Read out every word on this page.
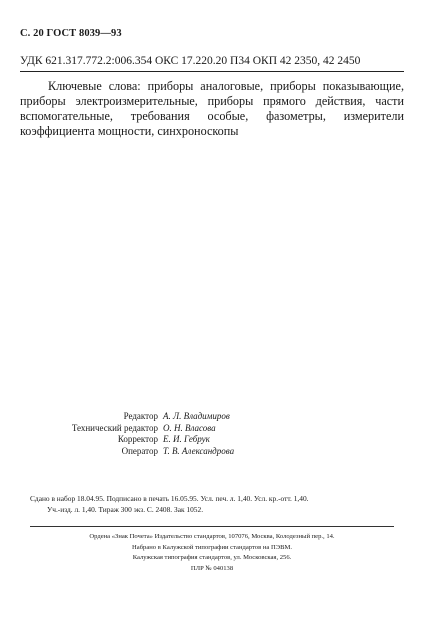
С. 20 ГОСТ 8039—93
УДК 621.317.772.2:006.354 ОКС 17.220.20 П34 ОКП 42 2350, 42 2450

Ключевые слова: приборы аналоговые, приборы показывающие, приборы электроизмерительные, приборы прямого действия, части вспомогательные, требования особые, фазометры, измерители коэффициента мощности, синхроноскопы

Редактор А. Л. Владимиров
Технический редактор О. Н. Власова
Корректор Е. И. Гебрук
Оператор Т. В. Александрова
Сдано в набор 18.04.95. Подписано в печать 16.05.95. Усл. печ. л. 1,40. Усл. кр.-отт. 1,40.
Уч.-изд. л. 1,40. Тираж 300 экз. С. 2408. Зак 1052.
Ордена «Знак Почета» Издательство стандартов, 107076, Москва, Колодезный пер., 14.
Набрано в Калужской типографии стандартов на ПЭВМ.
Калужская типография стандартов, ул. Московская, 256.
ПЛР № 040138
